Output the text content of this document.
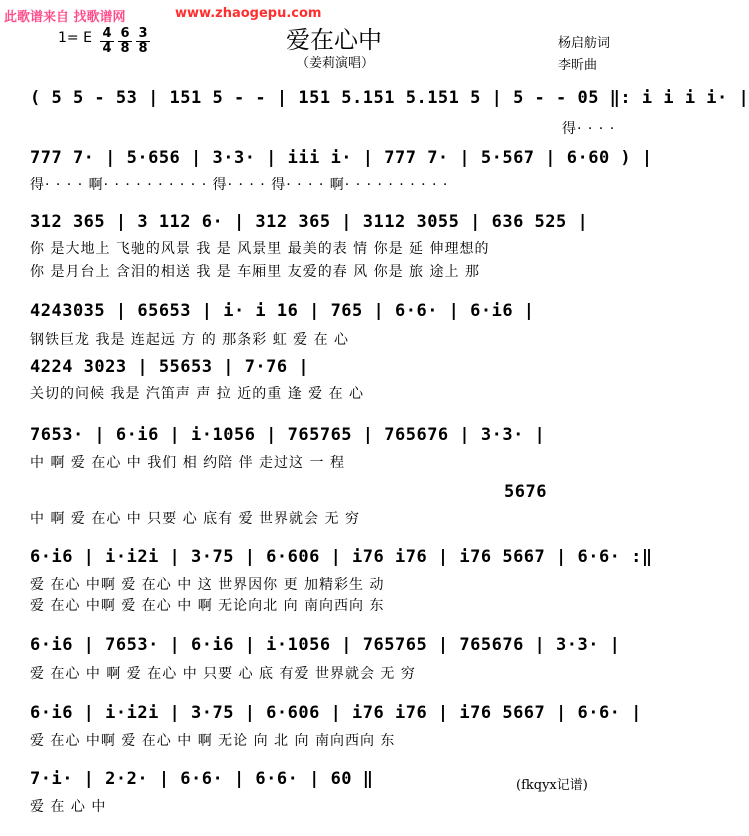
此歌谱来自 找歌谱网	www.zhaogepu.com
爱在心中
（姜莉演唱）
杨启舫词
李昕曲
1= E 4
4
6
8
3
8
( 5 5 - 53 | 151 5 - - | 151 5.151 5.151 5 | 5 - - 05 ‖: i i i i· |
得· · · ·
777 7· | 5·656 | 3·3· | iii i· | 777 7· | 5·567 | 6·60 ) |
得· · · · 啊· · · · · · · · · · 得· · · · 得· · · · 啊· · · · · · · · · ·
312 365 | 3 112 6· | 312 365 | 3112 3055 | 636 525 |
你 是大地上 飞驰的风景 我 是 风景里 最美的表 情 你是 延 伸理想的
你 是月台上 含泪的相送 我 是 车厢里 友爱的春 风 你是 旅 途上 那
4243035 | 65653 | i· i 16 | 765 | 6·6· | 6·i6 |
钢铁巨龙 我是 连起远 方 的 那条彩 虹 爱 在 心
4224 3023 | 55653 | 7·76 |
关切的问候 我是 汽笛声 声 拉 近的重 逢 爱 在 心
7653· | 6·i6 | i·1056 | 765765 | 765676 | 3·3· |
中 啊 爱 在心 中 我们 相 约陪 伴 走过这 一 程
5676
中 啊 爱 在心 中 只要 心 底有 爱 世界就会 无 穷
6·i6 | i·i2i | 3·75 | 6·606 | i76 i76 | i76 5667 | 6·6· :‖
爱 在心 中啊 爱 在心 中 这 世界因你 更 加精彩生 动
爱 在心 中啊 爱 在心 中 啊 无论向北 向 南向西向 东
6·i6 | 7653· | 6·i6 | i·1056 | 765765 | 765676 | 3·3· |
爱 在心 中 啊 爱 在心 中 只要 心 底 有爱 世界就会 无 穷
6·i6 | i·i2i | 3·75 | 6·606 | i76 i76 | i76 5667 | 6·6· |
爱 在心 中啊 爱 在心 中 啊 无论 向 北 向 南向西向 东
7·i· | 2·2· | 6·6· | 6·6· | 60 ‖
爱 在 心 中
(fkqyx记谱)
